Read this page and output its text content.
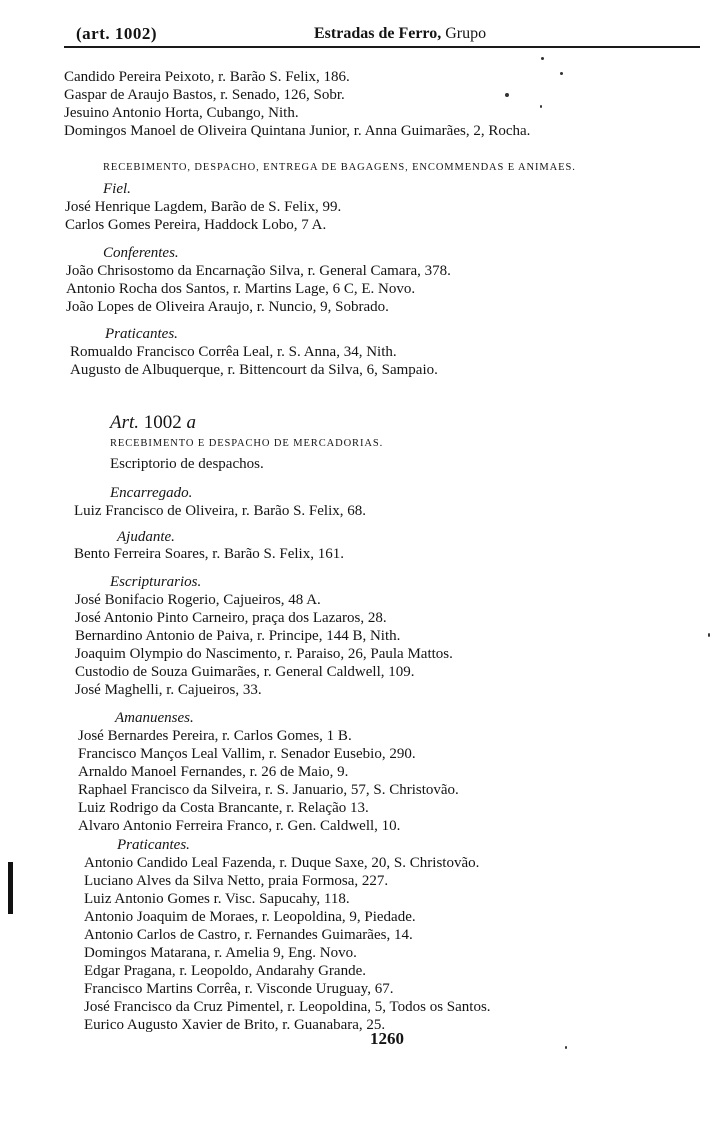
(art. 1002)	Estradas de Ferro, Grupo
Candido Pereira Peixoto, r. Barão S. Felix, 186.
Gaspar de Araujo Bastos, r. Senado, 126, Sobr.
Jesuino Antonio Horta, Cubango, Nith.
Domingos Manoel de Oliveira Quintana Junior, r. Anna Guimarães, 2, Rocha.
RECEBIMENTO, DESPACHO, ENTREGA DE BAGAGENS, ENCOMMENDAS E ANIMAES.
Fiel.
José Henrique Lagdem, Barão de S. Felix, 99.
Carlos Gomes Pereira, Haddock Lobo, 7 A.
Conferentes.
João Chrisostomo da Encarnação Silva, r. General Camara, 378.
Antonio Rocha dos Santos, r. Martins Lage, 6 C, E. Novo.
João Lopes de Oliveira Araujo, r. Nuncio, 9, Sobrado.
Praticantes.
Romualdo Francisco Corrêa Leal, r. S. Anna, 34, Nith.
Augusto de Albuquerque, r. Bittencourt da Silva, 6, Sampaio.
Art. 1002 a
RECEBIMENTO E DESPACHO DE MERCADORIAS.
Escriptorio de despachos.
Encarregado.
Luiz Francisco de Oliveira, r. Barão S. Felix, 68.
Ajudante.
Bento Ferreira Soares, r. Barão S. Felix, 161.
Escripturarios.
José Bonifacio Rogerio, Cajueiros, 48 A.
José Antonio Pinto Carneiro, praça dos Lazaros, 28.
Bernardino Antonio de Paiva, r. Principe, 144 B, Nith.
Joaquim Olympio do Nascimento, r. Paraiso, 26, Paula Mattos.
Custodio de Souza Guimarães, r. General Caldwell, 109.
José Maghelli, r. Cajueiros, 33.
Amanuenses.
José Bernardes Pereira, r. Carlos Gomes, 1 B.
Francisco Manços Leal Vallim, r. Senador Eusebio, 290.
Arnaldo Manoel Fernandes, r. 26 de Maio, 9.
Raphael Francisco da Silveira, r. S. Januario, 57, S. Christovão.
Luiz Rodrigo da Costa Brancante, r. Relação 13.
Alvaro Antonio Ferreira Franco, r. Gen. Caldwell, 10.
Praticantes.
Antonio Candido Leal Fazenda, r. Duque Saxe, 20, S. Christovão.
Luciano Alves da Silva Netto, praia Formosa, 227.
Luiz Antonio Gomes r. Visc. Sapucahy, 118.
Antonio Joaquim de Moraes, r. Leopoldina, 9, Piedade.
Antonio Carlos de Castro, r. Fernandes Guimarães, 14.
Domingos Matarana, r. Amelia 9, Eng. Novo.
Edgar Pragana, r. Leopoldo, Andarahy Grande.
Francisco Martins Corrêa, r. Visconde Uruguay, 67.
José Francisco da Cruz Pimentel, r. Leopoldina, 5, Todos os Santos.
Eurico Augusto Xavier de Brito, r. Guanabara, 25.
1260
